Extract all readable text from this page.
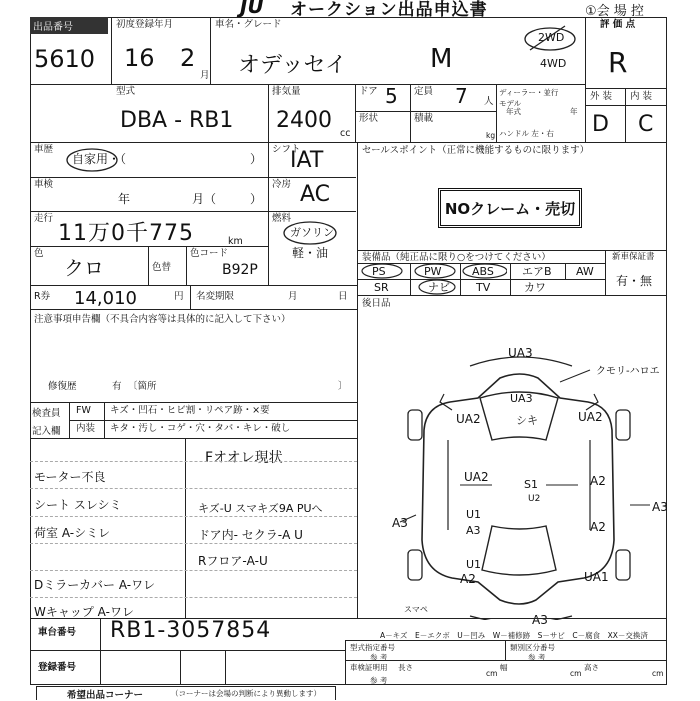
JU オークション出品申込書	①会 場 控
出品番号
5610
初度登録年月
16 2
月
車名・グレード
オデッセイ	M
2WD
4WD
評 価 点
R
外 装 内 装
D C
型式
DBA - RB1
排気量
2400
cc
ドア 5 定員 7 人
ディーラー・並行
モデル
年式	年
形状	積載
kg ハンドル 左・右
車歴
自家用・（	）
シフト
IAT
車検
年	月（	）
冷房 AC
走行
11万0千775	km
燃料
ガソリン
軽・油
色
クロ	色替
色コード
B92P
R券 14,010	円 名変期限	月	日
注意事項申告欄（不具合内容等は具体的に記入して下さい）
修復歴	有 〔箇所	〕
検査員
記入欄
FW キズ・凹石・ヒビ割・リペア跡・×要
内装 キタ・汚し・コゲ・穴・タバ・キレ・破し
Fオオレ現状
モーター不良
シート スレシミ	キズ-U スマキズ9A PUへ
荷室 A-シミレ	ドア内- セクラ-A U
Rフロア-A-U
Dミラーカバー A-ワレ
Wキャップ A-ワレ
セールスポイント（正常に機能するものに限ります）
NOクレーム・売切
装備品（純正品に限り○をつけてください）	新車保証書
有・無
PS	PW	ABS	エアB AW
SR	ナビ TV	カワ
後日品
クモリ-ハロエ
UA3
UA3
シキ
UA2	UA2
UA2
S1
U2
A2
A3
A3
U1
A3	A2
U1
A2	UA1
A3
スマペ
A－キズ　E－エクボ　U－凹み　W－補修跡　S－サビ　C－腐食　XX－交換済
車台番号 RB1-3057854
登録番号
型式指定番号
参 考
類別区分番号
参 考
車検証明用 長さ
cm
幅
cm
高さ
cm
参 考
希望出品コーナー	（コーナーは会場の判断により異動します）
